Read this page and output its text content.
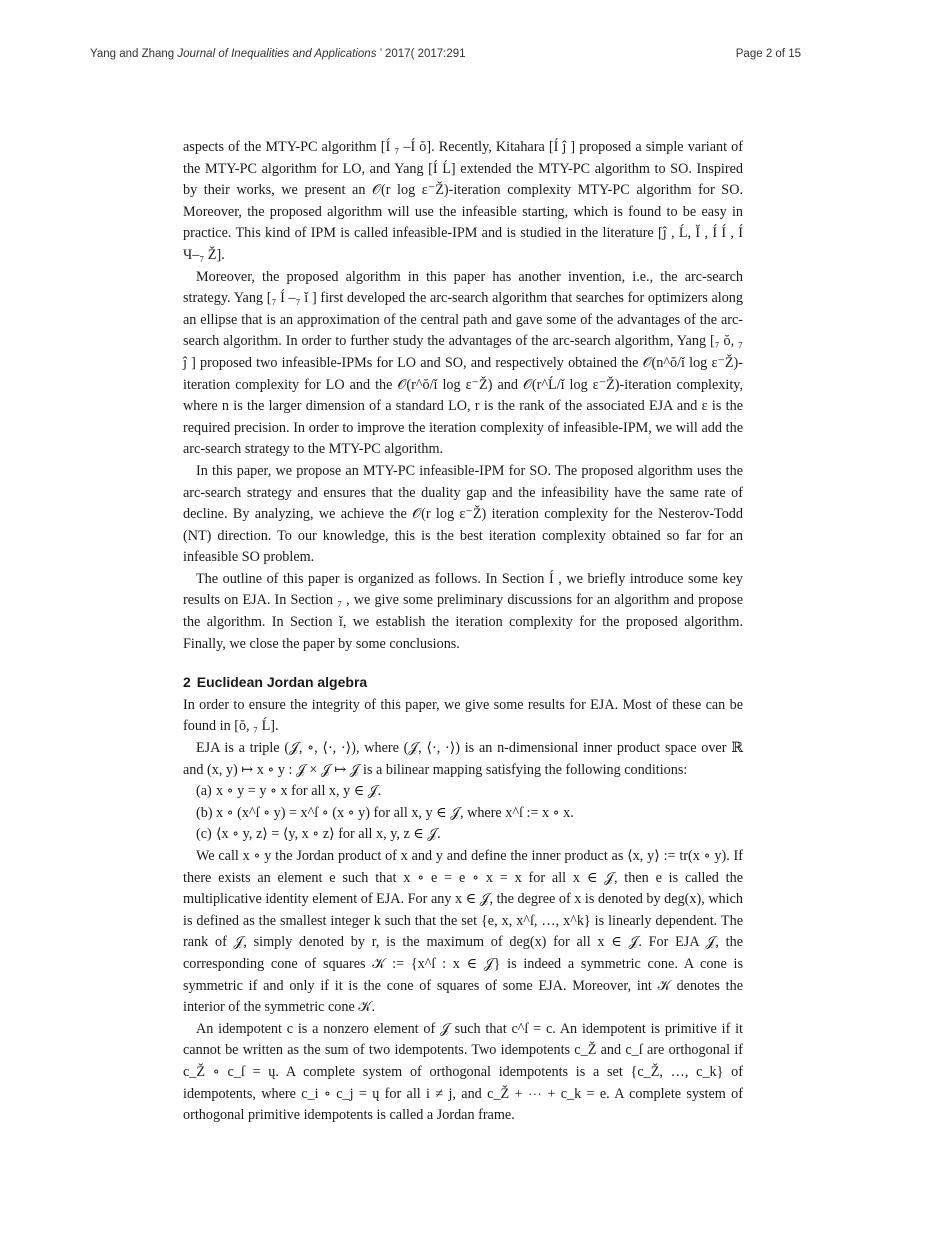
Yang and Zhang Journal of Inequalities and Applications ’ 2017( 2017:291	Page 2 of 15

aspects of the MTY-PC algorithm [Í ₇ –Í ŏ]. Recently, Kitahara [Í ĵ ] proposed a simple variant of the MTY-PC algorithm for LO, and Yang [Í Ĺ] extended the MTY-PC algorithm to SO. Inspired by their works, we present an 𝒪(r log ε⁻Ž)-iteration complexity MTY-PC algorithm for SO. Moreover, the proposed algorithm will use the infeasible starting, which is found to be easy in practice. This kind of IPM is called infeasible-IPM and is studied in the literature [ĵ , Ĺ, Ĭ , Í Í , Í Ч–₇ Ž].

Moreover, the proposed algorithm in this paper has another invention, i.e., the arc-search strategy. Yang [₇ Í –₇ ǐ ] first developed the arc-search algorithm that searches for optimizers along an ellipse that is an approximation of the central path and gave some of the advantages of the arc-search algorithm. In order to further study the advantages of the arc-search algorithm, Yang [₇ ŏ, ₇ ĵ ] proposed two infeasible-IPMs for LO and SO, and respectively obtained the 𝒪(n^ŏ/ǐ log ε⁻Ž)-iteration complexity for LO and the 𝒪(r^ŏ/ǐ log ε⁻Ž) and 𝒪(r^Ĺ/ǐ log ε⁻Ž)-iteration complexity, where n is the larger dimension of a standard LO, r is the rank of the associated EJA and ε is the required precision. In order to improve the iteration complexity of infeasible-IPM, we will add the arc-search strategy to the MTY-PC algorithm.

In this paper, we propose an MTY-PC infeasible-IPM for SO. The proposed algorithm uses the arc-search strategy and ensures that the duality gap and the infeasibility have the same rate of decline. By analyzing, we achieve the 𝒪(r log ε⁻Ž) iteration complexity for the Nesterov-Todd (NT) direction. To our knowledge, this is the best iteration complexity obtained so far for an infeasible SO problem.

The outline of this paper is organized as follows. In Section Í , we briefly introduce some key results on EJA. In Section ₇ , we give some preliminary discussions for an algorithm and propose the algorithm. In Section ǐ, we establish the iteration complexity for the proposed algorithm. Finally, we close the paper by some conclusions.

2 Euclidean Jordan algebra

In order to ensure the integrity of this paper, we give some results for EJA. Most of these can be found in [ŏ, ₇ Ĺ].

EJA is a triple (𝒥, ∘, ⟨·, ·⟩), where (𝒥, ⟨·, ·⟩) is an n-dimensional inner product space over ℝ and (x, y) ↦ x ∘ y : 𝒥 × 𝒥 ↦ 𝒥 is a bilinear mapping satisfying the following conditions:

(a) x ∘ y = y ∘ x for all x, y ∈ 𝒥.
(b) x ∘ (x^ſ ∘ y) = x^ſ ∘ (x ∘ y) for all x, y ∈ 𝒥, where x^ſ := x ∘ x.
(c) ⟨x ∘ y, z⟩ = ⟨y, x ∘ z⟩ for all x, y, z ∈ 𝒥.

We call x ∘ y the Jordan product of x and y and define the inner product as ⟨x, y⟩ := tr(x ∘ y). If there exists an element e such that x ∘ e = e ∘ x = x for all x ∈ 𝒥, then e is called the multiplicative identity element of EJA. For any x ∈ 𝒥, the degree of x is denoted by deg(x), which is defined as the smallest integer k such that the set {e, x, x^ſ, …, x^k} is linearly dependent. The rank of 𝒥, simply denoted by r, is the maximum of deg(x) for all x ∈ 𝒥. For EJA 𝒥, the corresponding cone of squares 𝒦 := {x^ſ : x ∈ 𝒥} is indeed a symmetric cone. A cone is symmetric if and only if it is the cone of squares of some EJA. Moreover, int 𝒦 denotes the interior of the symmetric cone 𝒦.

An idempotent c is a nonzero element of 𝒥 such that c^ſ = c. An idempotent is primitive if it cannot be written as the sum of two idempotents. Two idempotents c_Ž and c_ſ are orthogonal if c_Ž ∘ c_ſ = ų. A complete system of orthogonal idempotents is a set {c_Ž, …, c_k} of idempotents, where c_i ∘ c_j = ų for all i ≠ j, and c_Ž + ⋯ + c_k = e. A complete system of orthogonal primitive idempotents is called a Jordan frame.
